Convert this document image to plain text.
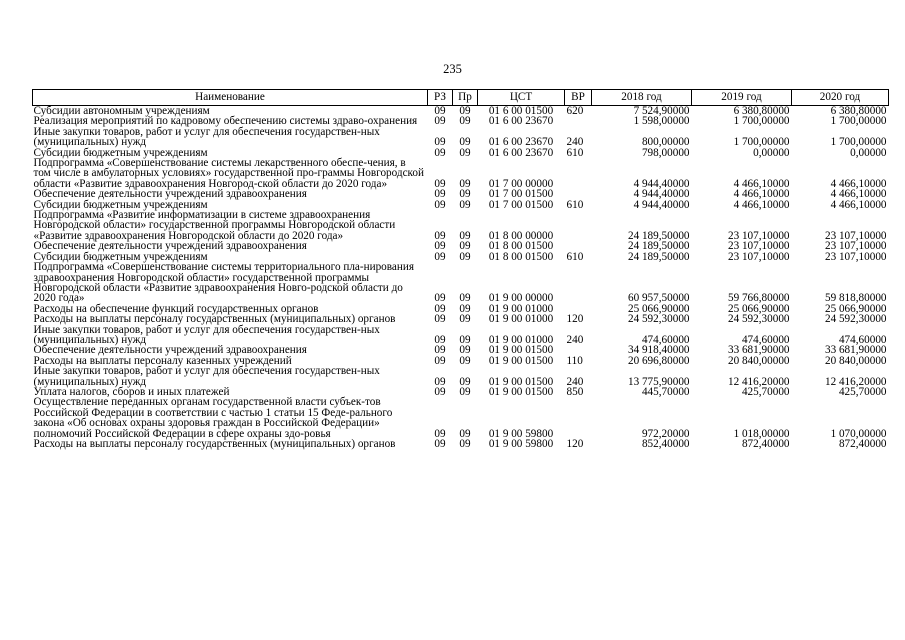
235
Наименование	РЗ	Пр	ЦСТ	ВР	2018 год	2019 год	2020 год
Субсидии автономным учреждениям	09	09	01 6 00 01500	620	7 524,90000	6 380,80000	6 380,80000
Реализация мероприятий по кадровому обеспечению системы здраво-охранения	09	09	01 6 00 23670		1 598,00000	1 700,00000	1 700,00000
Иные закупки товаров, работ и услуг для обеспечения государствен-ных (муниципальных) нужд	09	09	01 6 00 23670	240	800,00000	1 700,00000	1 700,00000
Субсидии бюджетным учреждениям	09	09	01 6 00 23670	610	798,00000	0,00000	0,00000
Подпрограмма «Совершенствование системы лекарственного обеспе-чения, в том числе в амбулаторных условиях» государственной про-граммы Новгородской области «Развитие здравоохранения Новгород-ской области до 2020 года»	09	09	01 7 00 00000		4 944,40000	4 466,10000	4 466,10000
Обеспечение деятельности учреждений здравоохранения	09	09	01 7 00 01500		4 944,40000	4 466,10000	4 466,10000
Субсидии бюджетным учреждениям	09	09	01 7 00 01500	610	4 944,40000	4 466,10000	4 466,10000
Подпрограмма «Развитие информатизации в системе здравоохранения Новгородской области» государственной программы Новгородской области «Развитие здравоохранения Новгородской области до 2020 года»	09	09	01 8 00 00000		24 189,50000	23 107,10000	23 107,10000
Обеспечение деятельности учреждений здравоохранения	09	09	01 8 00 01500		24 189,50000	23 107,10000	23 107,10000
Субсидии бюджетным учреждениям	09	09	01 8 00 01500	610	24 189,50000	23 107,10000	23 107,10000
Подпрограмма «Совершенствование системы территориального пла-нирования здравоохранения Новгородской области» государственной программы Новгородской области «Развитие здравоохранения Новго-родской области до 2020 года»	09	09	01 9 00 00000		60 957,50000	59 766,80000	59 818,80000
Расходы на обеспечение функций государственных органов	09	09	01 9 00 01000		25 066,90000	25 066,90000	25 066,90000
Расходы на выплаты персоналу государственных (муниципальных) органов	09	09	01 9 00 01000	120	24 592,30000	24 592,30000	24 592,30000
Иные закупки товаров, работ и услуг для обеспечения государствен-ных (муниципальных) нужд	09	09	01 9 00 01000	240	474,60000	474,60000	474,60000
Обеспечение деятельности учреждений здравоохранения	09	09	01 9 00 01500		34 918,40000	33 681,90000	33 681,90000
Расходы на выплаты персоналу казенных учреждений	09	09	01 9 00 01500	110	20 696,80000	20 840,00000	20 840,00000
Иные закупки товаров, работ и услуг для обеспечения государствен-ных (муниципальных) нужд	09	09	01 9 00 01500	240	13 775,90000	12 416,20000	12 416,20000
Уплата налогов, сборов и иных платежей	09	09	01 9 00 01500	850	445,70000	425,70000	425,70000
Осуществление переданных органам государственной власти субъек-тов Российской Федерации в соответствии с частью 1 статьи 15 Феде-рального закона «Об основах охраны здоровья граждан в Российской Федерации» полномочий Российской Федерации в сфере охраны здо-ровья	09	09	01 9 00 59800		972,20000	1 018,00000	1 070,00000
Расходы на выплаты персоналу государственных (муниципальных) органов	09	09	01 9 00 59800	120	852,40000	872,40000	872,40000
